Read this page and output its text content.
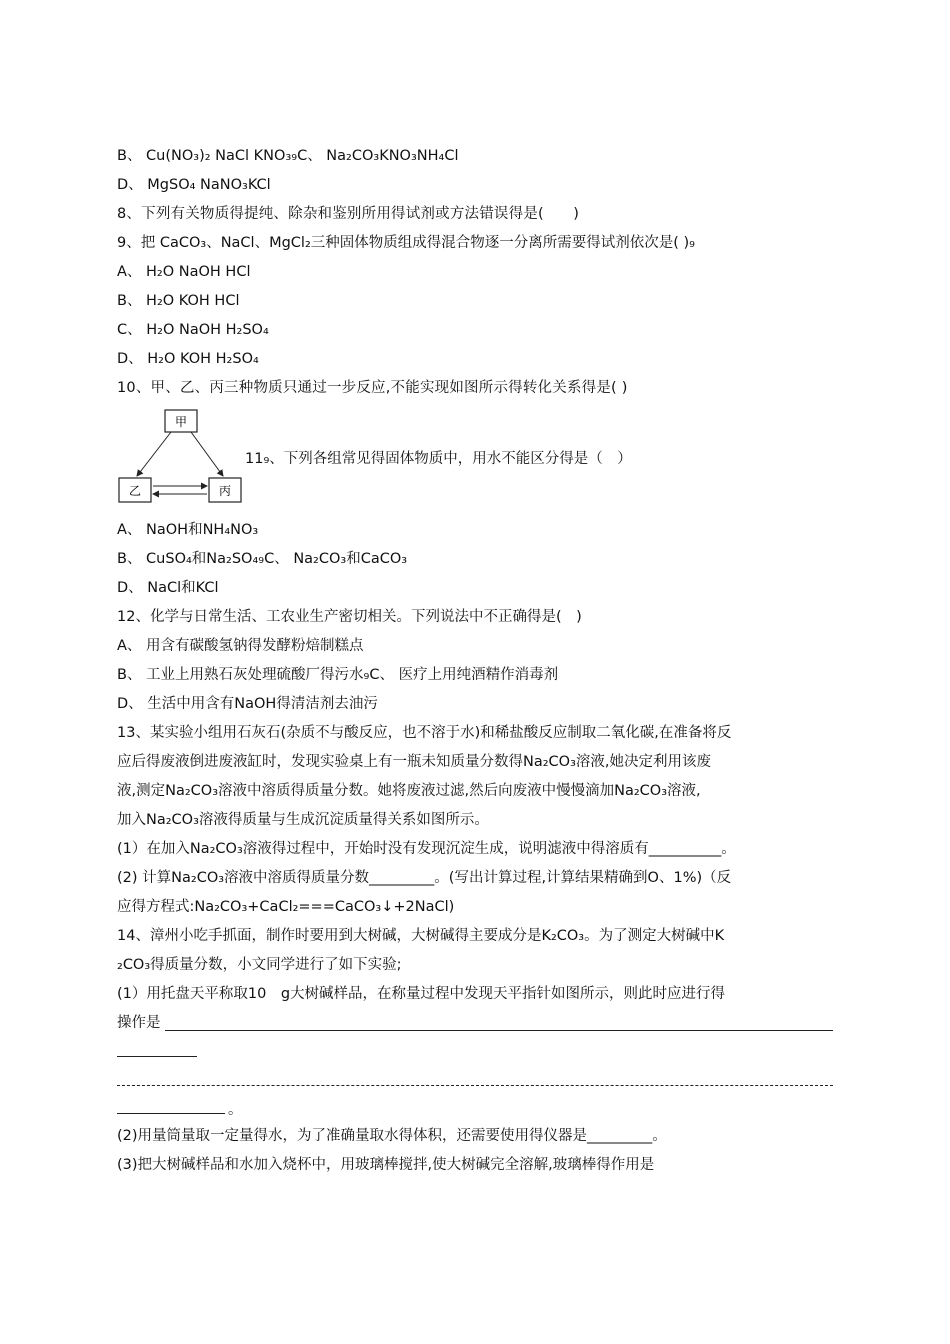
B、 Cu(NO₃)₂ NaCl KNO₃₉C、 Na₂CO₃KNO₃NH₄Cl
D、 MgSO₄ NaNO₃KCl
8、下列有关物质得提纯、除杂和鉴别所用得试剂或方法错误得是(　　)
9、把 CaCO₃、NaCl、MgCl₂三种固体物质组成得混合物逐一分离所需要得试剂依次是( )₉
A、 H₂O NaOH HCl
B、 H₂O KOH HCl
C、 H₂O NaOH H₂SO₄
D、 H₂O KOH H₂SO₄
10、甲、乙、丙三种物质只通过一步反应,不能实现如图所示得转化关系得是( )
甲
乙	丙
11₉、下列各组常见得固体物质中，用水不能区分得是（　）
A、 NaOH和NH₄NO₃
B、 CuSO₄和Na₂SO₄₉C、 Na₂CO₃和CaCO₃
D、 NaCl和KCl
12、化学与日常生活、工农业生产密切相关。下列说法中不正确得是(　)
A、 用含有碳酸氢钠得发酵粉焙制糕点
B、 工业上用熟石灰处理硫酸厂得污水₉C、 医疗上用纯酒精作消毒剂
D、 生活中用含有NaOH得清洁剂去油污
13、某实验小组用石灰石(杂质不与酸反应，也不溶于水)和稀盐酸反应制取二氧化碳,在准备将反
应后得废液倒进废液缸时，发现实验桌上有一瓶未知质量分数得Na₂CO₃溶液,她决定利用该废
液,测定Na₂CO₃溶液中溶质得质量分数。她将废液过滤,然后向废液中慢慢滴加Na₂CO₃溶液,
加入Na₂CO₃溶液得质量与生成沉淀质量得关系如图所示。
(1）在加入Na₂CO₃溶液得过程中，开始时没有发现沉淀生成，说明滤液中得溶质有__________。
(2) 计算Na₂CO₃溶液中溶质得质量分数_________。(写出计算过程,计算结果精确到O、1%)（反
应得方程式:Na₂CO₃+CaCl₂===CaCO₃↓+2NaCl)
14、漳州小吃手抓面，制作时要用到大树碱，大树碱得主要成分是K₂CO₃。为了测定大树碱中K
₂CO₃得质量分数，小文同学进行了如下实验;
(1）用托盘天平称取10　g大树碱样品，在称量过程中发现天平指针如图所示，则此时应进行得
操作是
。
(2)用量筒量取一定量得水，为了准确量取水得体积，还需要使用得仪器是_________。
(3)把大树碱样品和水加入烧杯中，用玻璃棒搅拌,使大树碱完全溶解,玻璃棒得作用是
